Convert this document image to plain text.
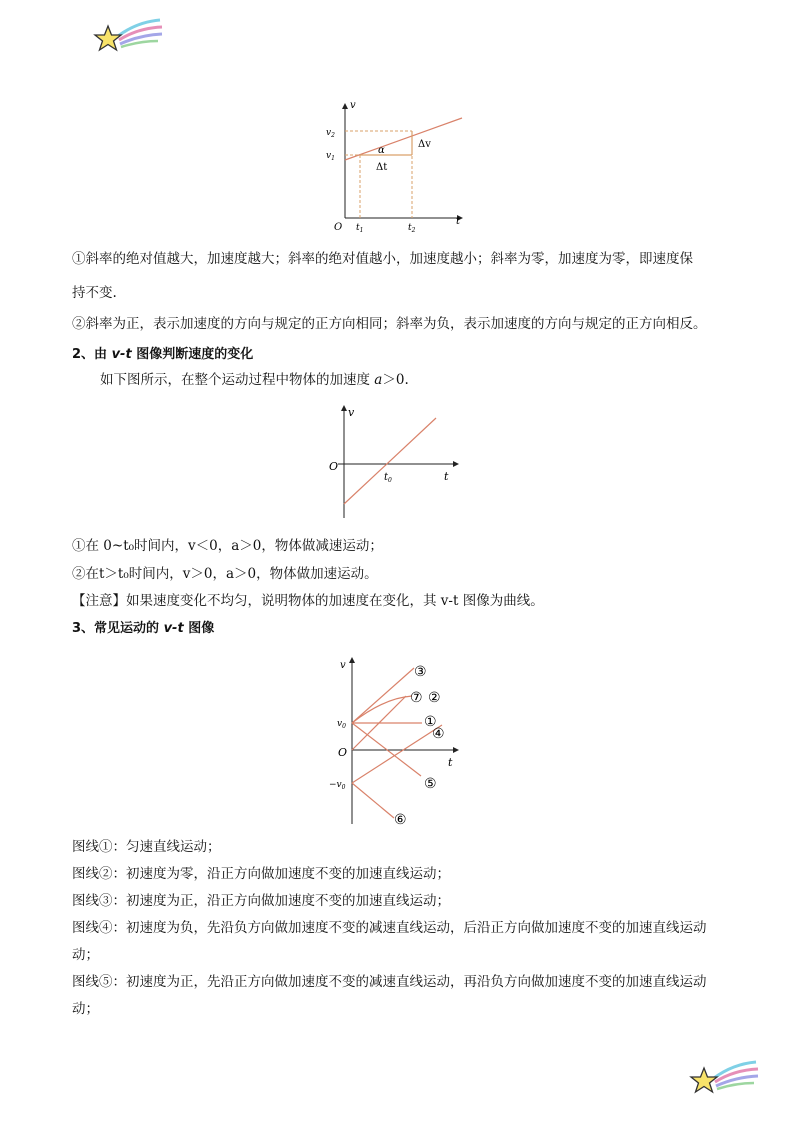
v
$v_2$
$v_1$
α
Δv
Δt
O $t_1$	$t_2$
t
①斜率的绝对值越大，加速度越大；斜率的绝对值越小，加速度越小；斜率为零，加速度为零，即速度保
持不变.
②斜率为正，表示加速度的方向与规定的正方向相同；斜率为负，表示加速度的方向与规定的正方向相反。
2、由 v-t 图像判断速度的变化
如下图所示，在整个运动过程中物体的加速度 a＞0.
v
O
$t_0$	t
①在 0~t₀时间内，v＜0，a＞0，物体做减速运动；
②在t＞t₀时间内，v＞0，a＞0，物体做加速运动。
【注意】如果速度变化不均匀，说明物体的加速度在变化，其 v-t 图像为曲线。
3、常见运动的 v-t 图像
v
$v_0$
O
$-v_0$
t
③
⑦ ②
①
④
⑤
⑥
图线①：匀速直线运动；
图线②：初速度为零，沿正方向做加速度不变的加速直线运动；
图线③：初速度为正，沿正方向做加速度不变的加速直线运动；
图线④：初速度为负，先沿负方向做加速度不变的减速直线运动，后沿正方向做加速度不变的加速直线运动
动；
图线⑤：初速度为正，先沿正方向做加速度不变的减速直线运动，再沿负方向做加速度不变的加速直线运动
动；
